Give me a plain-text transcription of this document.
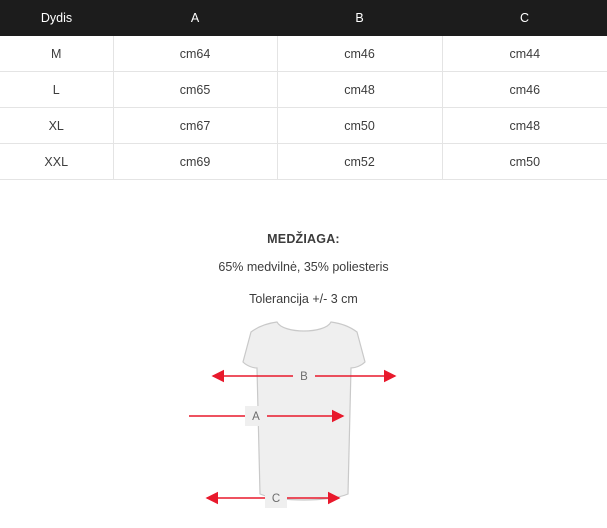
Dydis	A	B	C
M	cm64	cm46	cm44
L	cm65	cm48	cm46
XL	cm67	cm50	cm48
XXL	cm69	cm52	cm50
MEDŽIAGA:
65% medvilnė, 35% poliesteris
Tolerancija +/- 3 cm
B
A
C
